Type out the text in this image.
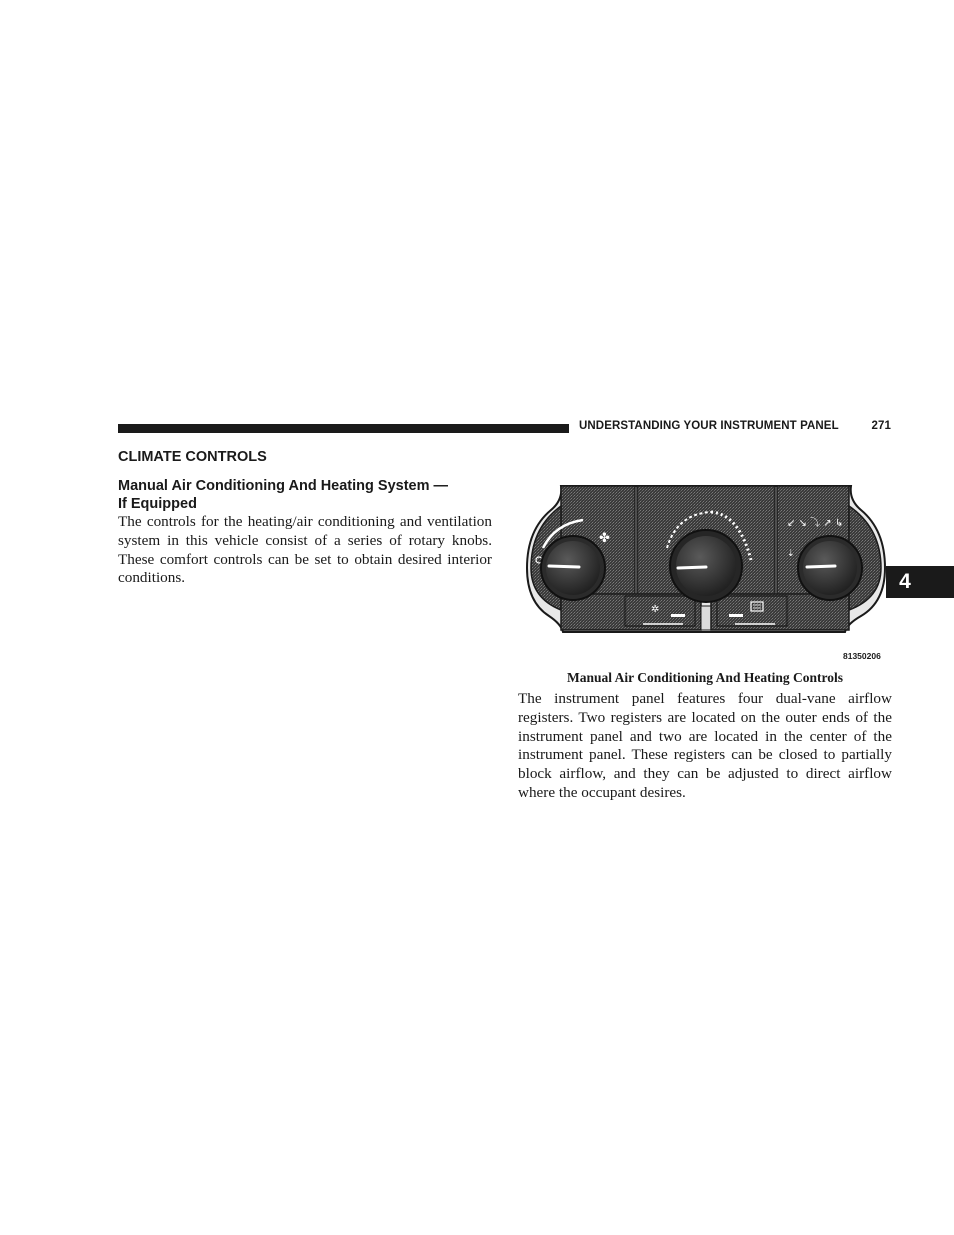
UNDERSTANDING YOUR INSTRUMENT PANEL	271
CLIMATE CONTROLS
Manual Air Conditioning And Heating System —
If Equipped

The controls for the heating/air conditioning and ventilation system in this vehicle consist of a series of rotary knobs. These comfort controls can be set to obtain desired interior conditions.

✲
✤
↙ ↘ ⤵ ↗ ↳
⇣
81350206
Manual Air Conditioning And Heating Controls

The instrument panel features four dual-vane airflow registers. Two registers are located on the outer ends of the instrument panel and two are located in the center of the instrument panel. These registers can be closed to partially block airflow, and they can be adjusted to direct airflow where the occupant desires.

4
